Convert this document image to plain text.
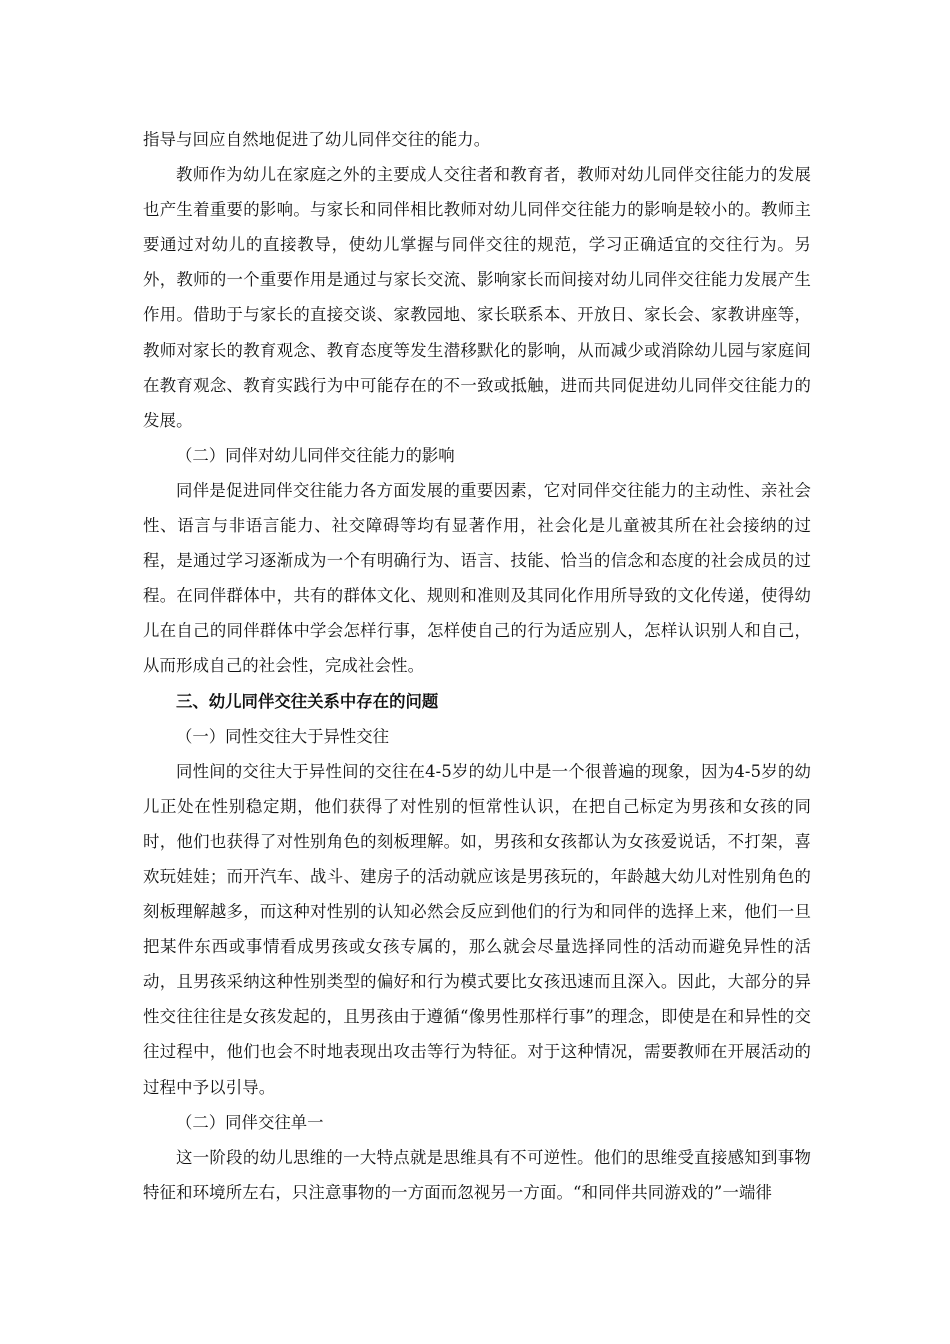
指导与回应自然地促进了幼儿同伴交往的能力。

教师作为幼儿在家庭之外的主要成人交往者和教育者，教师对幼儿同伴交往能力的发展也产生着重要的影响。与家长和同伴相比教师对幼儿同伴交往能力的影响是较小的。教师主要通过对幼儿的直接教导，使幼儿掌握与同伴交往的规范，学习正确适宜的交往行为。另外，教师的一个重要作用是通过与家长交流、影响家长而间接对幼儿同伴交往能力发展产生作用。借助于与家长的直接交谈、家教园地、家长联系本、开放日、家长会、家教讲座等，教师对家长的教育观念、教育态度等发生潜移默化的影响，从而减少或消除幼儿园与家庭间在教育观念、教育实践行为中可能存在的不一致或抵触，进而共同促进幼儿同伴交往能力的发展。

（二）同伴对幼儿同伴交往能力的影响

同伴是促进同伴交往能力各方面发展的重要因素，它对同伴交往能力的主动性、亲社会性、语言与非语言能力、社交障碍等均有显著作用，社会化是儿童被其所在社会接纳的过程，是通过学习逐渐成为一个有明确行为、语言、技能、恰当的信念和态度的社会成员的过程。在同伴群体中，共有的群体文化、规则和准则及其同化作用所导致的文化传递，使得幼儿在自己的同伴群体中学会怎样行事，怎样使自己的行为适应别人，怎样认识别人和自己，从而形成自己的社会性，完成社会性。

三、幼儿同伴交往关系中存在的问题

（一）同性交往大于异性交往

同性间的交往大于异性间的交往在4-5岁的幼儿中是一个很普遍的现象，因为4-5岁的幼儿正处在性别稳定期，他们获得了对性别的恒常性认识，在把自己标定为男孩和女孩的同时，他们也获得了对性别角色的刻板理解。如，男孩和女孩都认为女孩爱说话，不打架，喜欢玩娃娃；而开汽车、战斗、建房子的活动就应该是男孩玩的，年龄越大幼儿对性别角色的刻板理解越多，而这种对性别的认知必然会反应到他们的行为和同伴的选择上来，他们一旦把某件东西或事情看成男孩或女孩专属的，那么就会尽量选择同性的活动而避免异性的活动，且男孩采纳这种性别类型的偏好和行为模式要比女孩迅速而且深入。因此，大部分的异性交往往往是女孩发起的，且男孩由于遵循“像男性那样行事”的理念，即使是在和异性的交往过程中，他们也会不时地表现出攻击等行为特征。对于这种情况，需要教师在开展活动的过程中予以引导。

（二）同伴交往单一

这一阶段的幼儿思维的一大特点就是思维具有不可逆性。他们的思维受直接感知到事物特征和环境所左右，只注意事物的一方面而忽视另一方面。“和同伴共同游戏的”一端徘
